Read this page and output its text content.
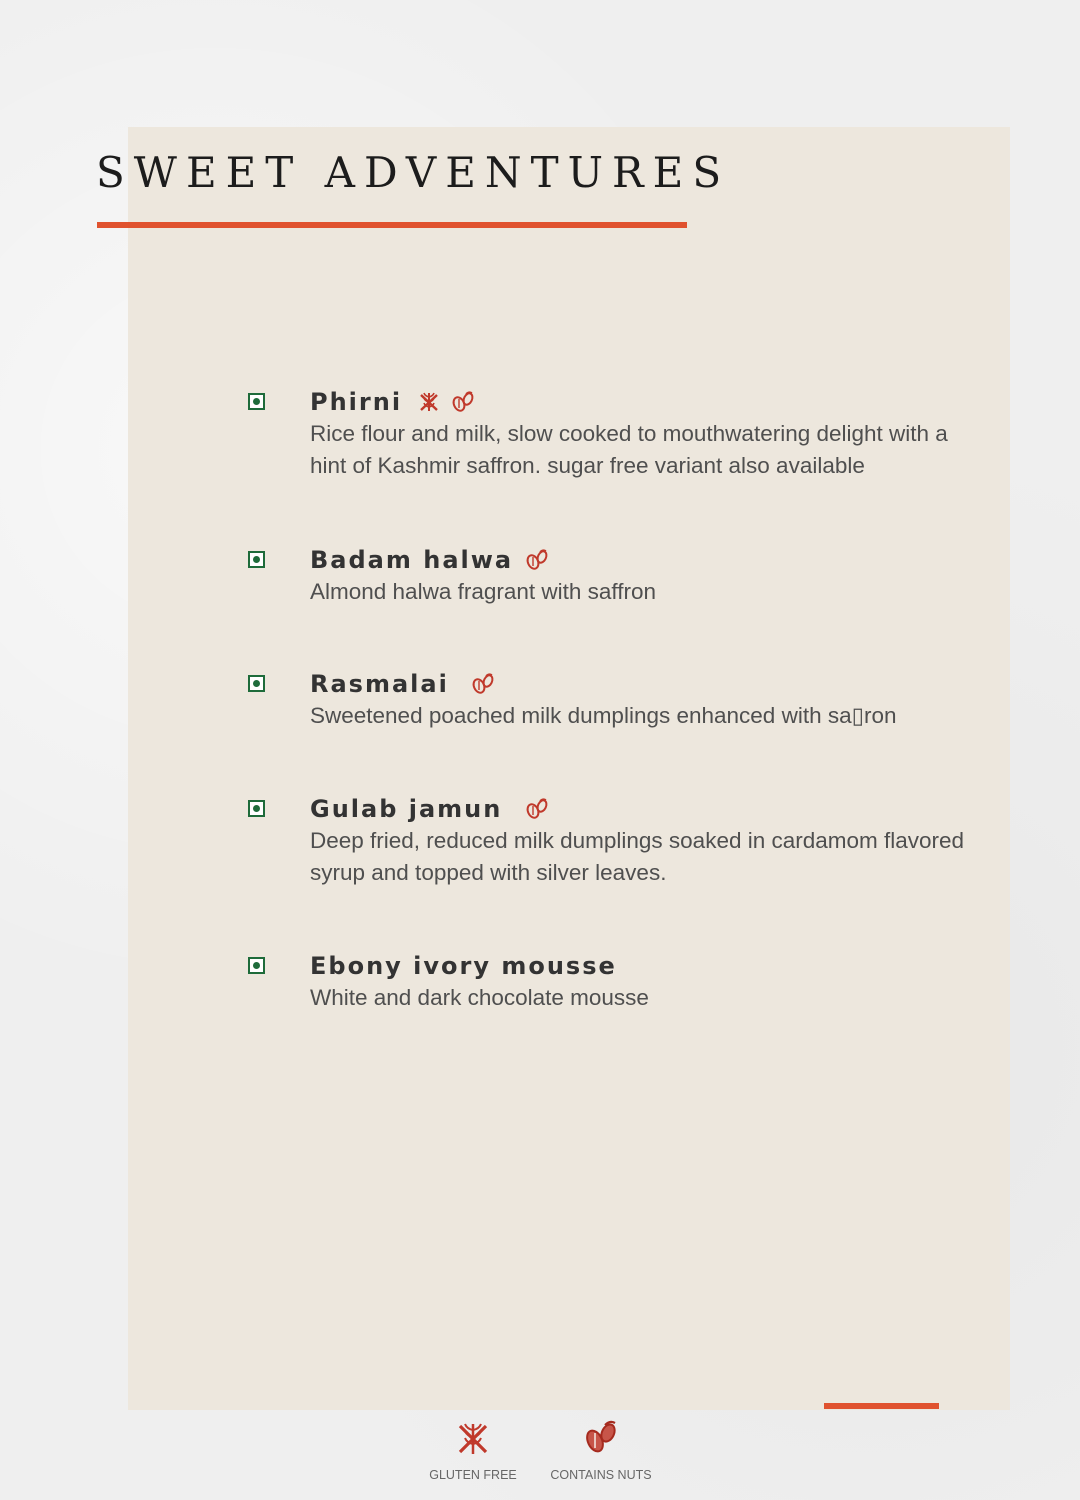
SWEET ADVENTURES
Phirni

Rice flour and milk, slow cooked to mouthwatering delight with a hint of Kashmir saffron. sugar free variant also available

Badam halwa

Almond halwa fragrant with saffron

Rasmalai

Sweetened poached milk dumplings enhanced with sa▯ron

Gulab jamun

Deep fried, reduced milk dumplings soaked in cardamom flavored syrup and topped with silver leaves.

Ebony ivory mousse

White and dark chocolate mousse

GLUTEN FREE	CONTAINS NUTS
